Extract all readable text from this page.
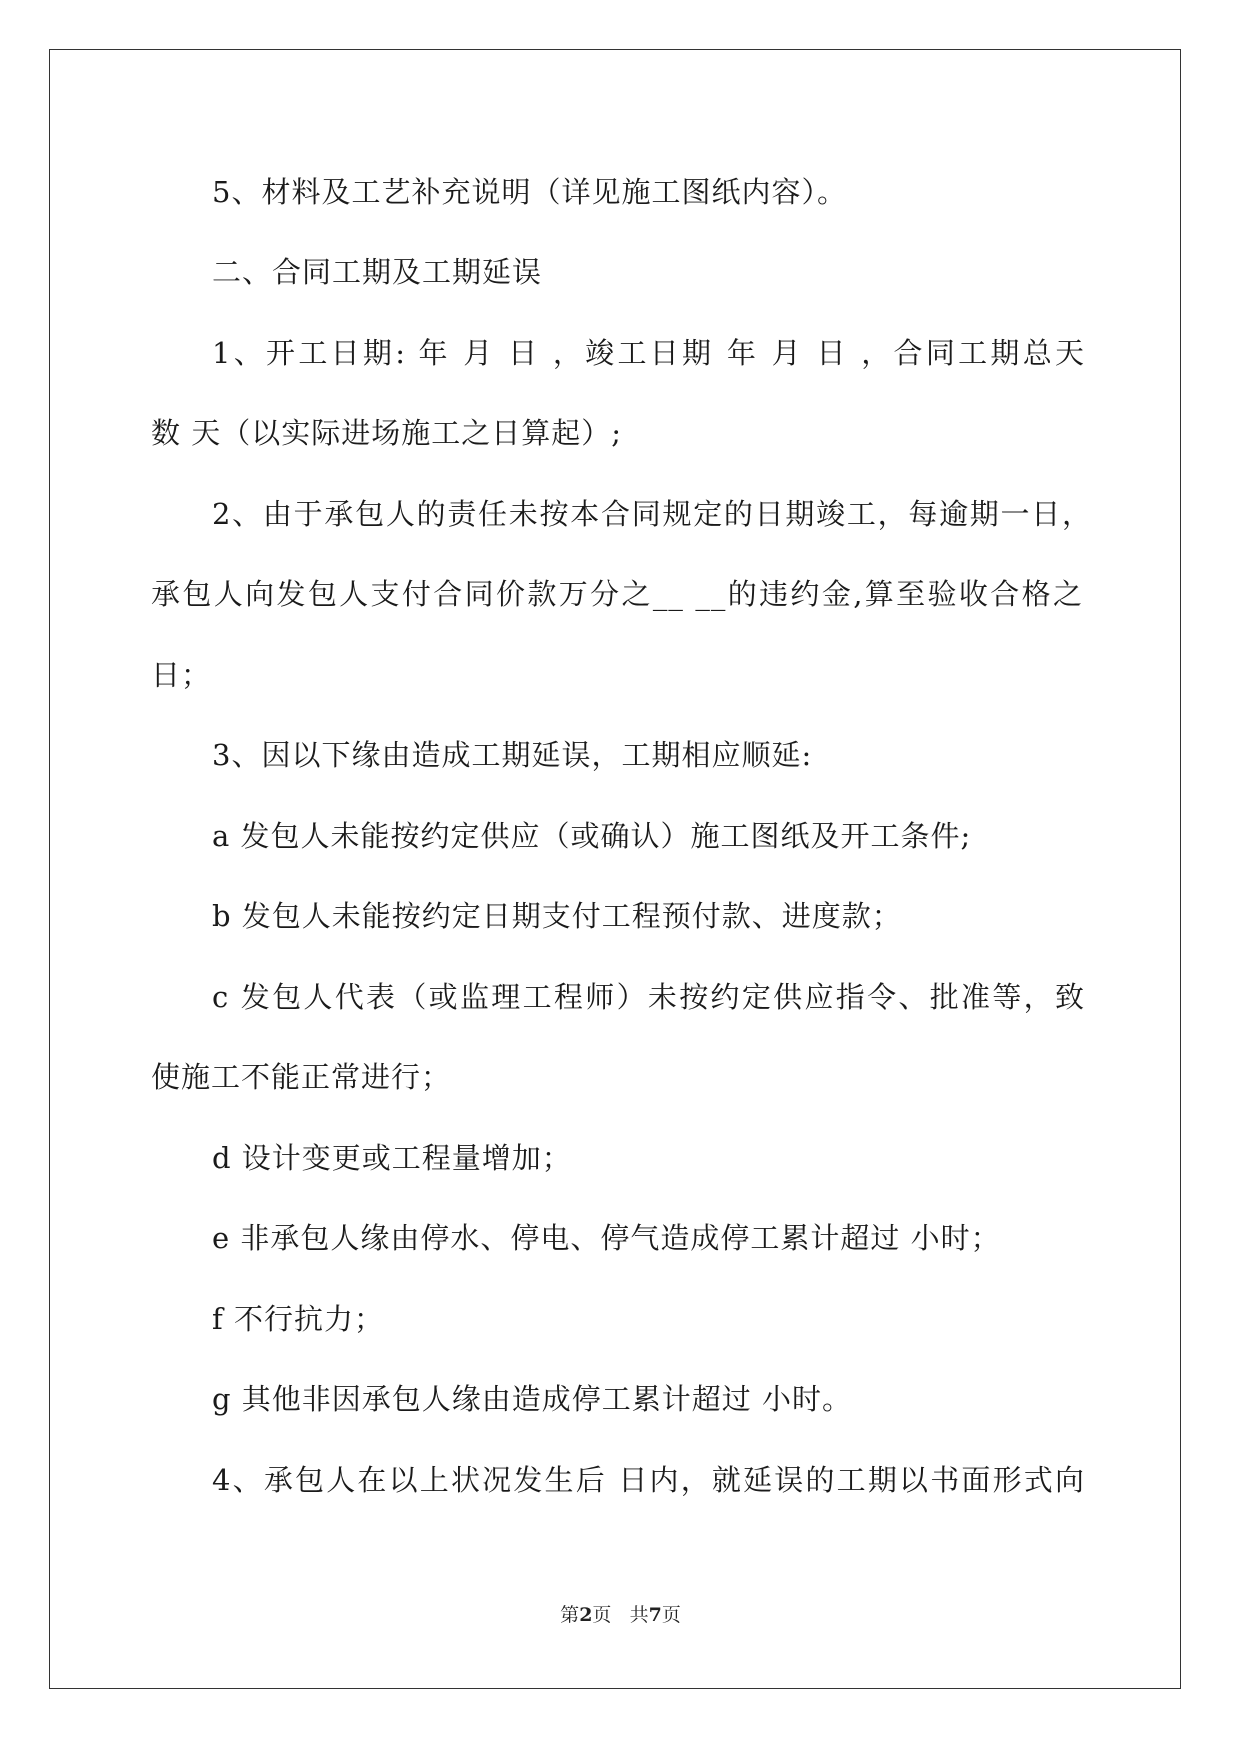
5、材料及工艺补充说明（详见施工图纸内容）。
二、合同工期及工期延误
1、开工日期: 年 月 日 ，竣工日期 年 月 日 ，合同工期总天
数 天（以实际进场施工之日算起）;
2、由于承包人的责任未按本合同规定的日期竣工，每逾期一日，
承包人向发包人支付合同价款万分之__ __的违约金,算至验收合格之
日；
3、因以下缘由造成工期延误，工期相应顺延:
a 发包人未能按约定供应（或确认）施工图纸及开工条件;
b 发包人未能按约定日期支付工程预付款、进度款；
c 发包人代表（或监理工程师）未按约定供应指令、批准等，致
使施工不能正常进行；
d 设计变更或工程量增加；
e 非承包人缘由停水、停电、停气造成停工累计超过 小时；
f 不行抗力；
g 其他非因承包人缘由造成停工累计超过 小时。
4、承包人在以上状况发生后 日内，就延误的工期以书面形式向
第2页 共7页
